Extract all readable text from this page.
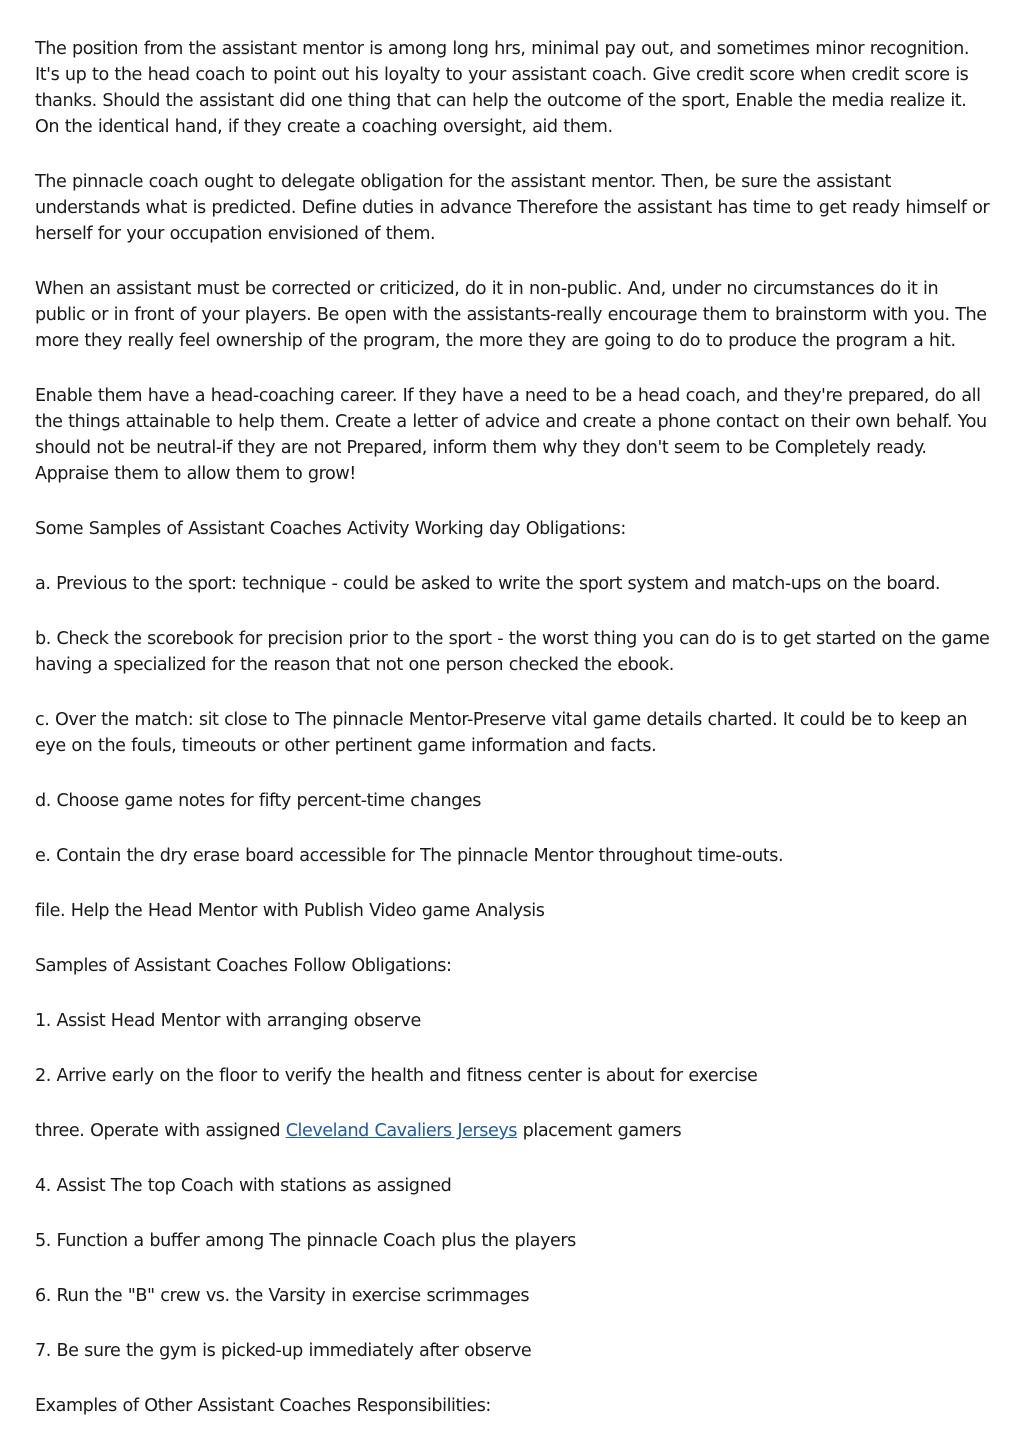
The position from the assistant mentor is among long hrs, minimal pay out, and sometimes minor recognition. It's up to the head coach to point out his loyalty to your assistant coach. Give credit score when credit score is thanks. Should the assistant did one thing that can help the outcome of the sport, Enable the media realize it. On the identical hand, if they create a coaching oversight, aid them.

The pinnacle coach ought to delegate obligation for the assistant mentor. Then, be sure the assistant understands what is predicted. Define duties in advance Therefore the assistant has time to get ready himself or herself for your occupation envisioned of them.

When an assistant must be corrected or criticized, do it in non-public. And, under no circumstances do it in public or in front of your players. Be open with the assistants-really encourage them to brainstorm with you. The more they really feel ownership of the program, the more they are going to do to produce the program a hit.

Enable them have a head-coaching career. If they have a need to be a head coach, and they're prepared, do all the things attainable to help them. Create a letter of advice and create a phone contact on their own behalf. You should not be neutral-if they are not Prepared, inform them why they don't seem to be Completely ready. Appraise them to allow them to grow!

Some Samples of Assistant Coaches Activity Working day Obligations:

a. Previous to the sport: technique - could be asked to write the sport system and match-ups on the board.

b. Check the scorebook for precision prior to the sport - the worst thing you can do is to get started on the game having a specialized for the reason that not one person checked the ebook.

c. Over the match: sit close to The pinnacle Mentor-Preserve vital game details charted. It could be to keep an eye on the fouls, timeouts or other pertinent game information and facts.

d. Choose game notes for fifty percent-time changes

e. Contain the dry erase board accessible for The pinnacle Mentor throughout time-outs.

file. Help the Head Mentor with Publish Video game Analysis

Samples of Assistant Coaches Follow Obligations:

1. Assist Head Mentor with arranging observe

2. Arrive early on the floor to verify the health and fitness center is about for exercise

three. Operate with assigned Cleveland Cavaliers Jerseys placement gamers

4. Assist The top Coach with stations as assigned

5. Function a buffer among The pinnacle Coach plus the players

6. Run the "B" crew vs. the Varsity in exercise scrimmages

7. Be sure the gym is picked-up immediately after observe

Examples of Other Assistant Coaches Responsibilities:
